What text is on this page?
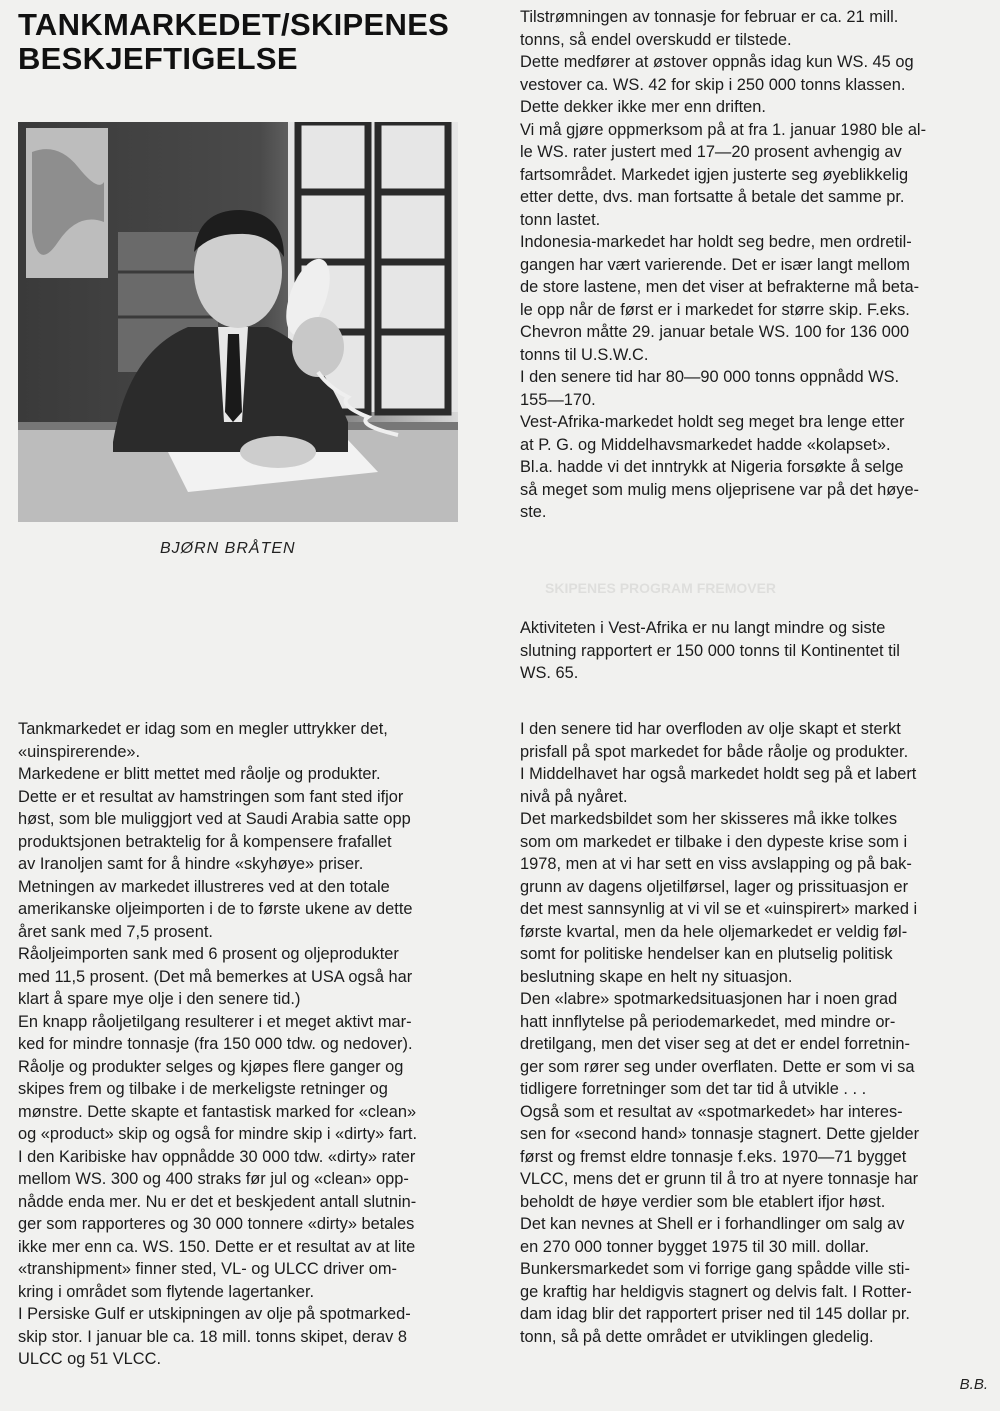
TANKMARKEDET/SKIPENES
BESKJEFTIGELSE
BJØRN BRÅTEN
SKIPENES PROGRAM FREMOVER
Tilstrømningen av tonnasje for februar er ca. 21 mill.
tonns, så endel overskudd er tilstede.
Dette medfører at østover oppnås idag kun WS. 45 og
vestover ca. WS. 42 for skip i 250 000 tonns klassen.
Dette dekker ikke mer enn driften.
Vi må gjøre oppmerksom på at fra 1. januar 1980 ble al-
le WS. rater justert med 17—20 prosent avhengig av
fartsområdet. Markedet igjen justerte seg øyeblikkelig
etter dette, dvs. man fortsatte å betale det samme pr.
tonn lastet.
Indonesia-markedet har holdt seg bedre, men ordretil-
gangen har vært varierende. Det er især langt mellom
de store lastene, men det viser at befrakterne må beta-
le opp når de først er i markedet for større skip. F.eks.
Chevron måtte 29. januar betale WS. 100 for 136 000
tonns til U.S.W.C.
I den senere tid har 80—90 000 tonns oppnådd WS.
155—170.
Vest-Afrika-markedet holdt seg meget bra lenge etter
at P. G. og Middelhavsmarkedet hadde «kolapset».
Bl.a. hadde vi det inntrykk at Nigeria forsøkte å selge
så meget som mulig mens oljeprisene var på det høye-
ste.
Aktiviteten i Vest-Afrika er nu langt mindre og siste
slutning rapportert er 150 000 tonns til Kontinentet til
WS. 65.
I den senere tid har overfloden av olje skapt et sterkt
prisfall på spot markedet for både råolje og produkter.
I Middelhavet har også markedet holdt seg på et labert
nivå på nyåret.
Det markedsbildet som her skisseres må ikke tolkes
som om markedet er tilbake i den dypeste krise som i
1978, men at vi har sett en viss avslapping og på bak-
grunn av dagens oljetilførsel, lager og prissituasjon er
det mest sannsynlig at vi vil se et «uinspirert» marked i
første kvartal, men da hele oljemarkedet er veldig føl-
somt for politiske hendelser kan en plutselig politisk
beslutning skape en helt ny situasjon.
Den «labre» spotmarkedsituasjonen har i noen grad
hatt innflytelse på periodemarkedet, med mindre or-
dretilgang, men det viser seg at det er endel forretnin-
ger som rører seg under overflaten. Dette er som vi sa
tidligere forretninger som det tar tid å utvikle . . .
Også som et resultat av «spotmarkedet» har interes-
sen for «second hand» tonnasje stagnert. Dette gjelder
først og fremst eldre tonnasje f.eks. 1970—71 bygget
VLCC, mens det er grunn til å tro at nyere tonnasje har
beholdt de høye verdier som ble etablert ifjor høst.
Det kan nevnes at Shell er i forhandlinger om salg av
en 270 000 tonner bygget 1975 til 30 mill. dollar.
Bunkersmarkedet som vi forrige gang spådde ville sti-
ge kraftig har heldigvis stagnert og delvis falt. I Rotter-
dam idag blir det rapportert priser ned til 145 dollar pr.
tonn, så på dette området er utviklingen gledelig.
Tankmarkedet er idag som en megler uttrykker det,
«uinspirerende».
Markedene er blitt mettet med råolje og produkter.
Dette er et resultat av hamstringen som fant sted ifjor
høst, som ble muliggjort ved at Saudi Arabia satte opp
produktsjonen betraktelig for å kompensere frafallet
av Iranoljen samt for å hindre «skyhøye» priser.
Metningen av markedet illustreres ved at den totale
amerikanske oljeimporten i de to første ukene av dette
året sank med 7,5 prosent.
Råoljeimporten sank med 6 prosent og oljeprodukter
med 11,5 prosent. (Det må bemerkes at USA også har
klart å spare mye olje i den senere tid.)
En knapp råoljetilgang resulterer i et meget aktivt mar-
ked for mindre tonnasje (fra 150 000 tdw. og nedover).
Råolje og produkter selges og kjøpes flere ganger og
skipes frem og tilbake i de merkeligste retninger og
mønstre. Dette skapte et fantastisk marked for «clean»
og «product» skip og også for mindre skip i «dirty» fart.
I den Karibiske hav oppnådde 30 000 tdw. «dirty» rater
mellom WS. 300 og 400 straks før jul og «clean» opp-
nådde enda mer. Nu er det et beskjedent antall slutnin-
ger som rapporteres og 30 000 tonnere «dirty» betales
ikke mer enn ca. WS. 150. Dette er et resultat av at lite
«transhipment» finner sted, VL- og ULCC driver om-
kring i området som flytende lagertanker.
I Persiske Gulf er utskipningen av olje på spotmarked-
skip stor. I januar ble ca. 18 mill. tonns skipet, derav 8
ULCC og 51 VLCC.
B.B.
